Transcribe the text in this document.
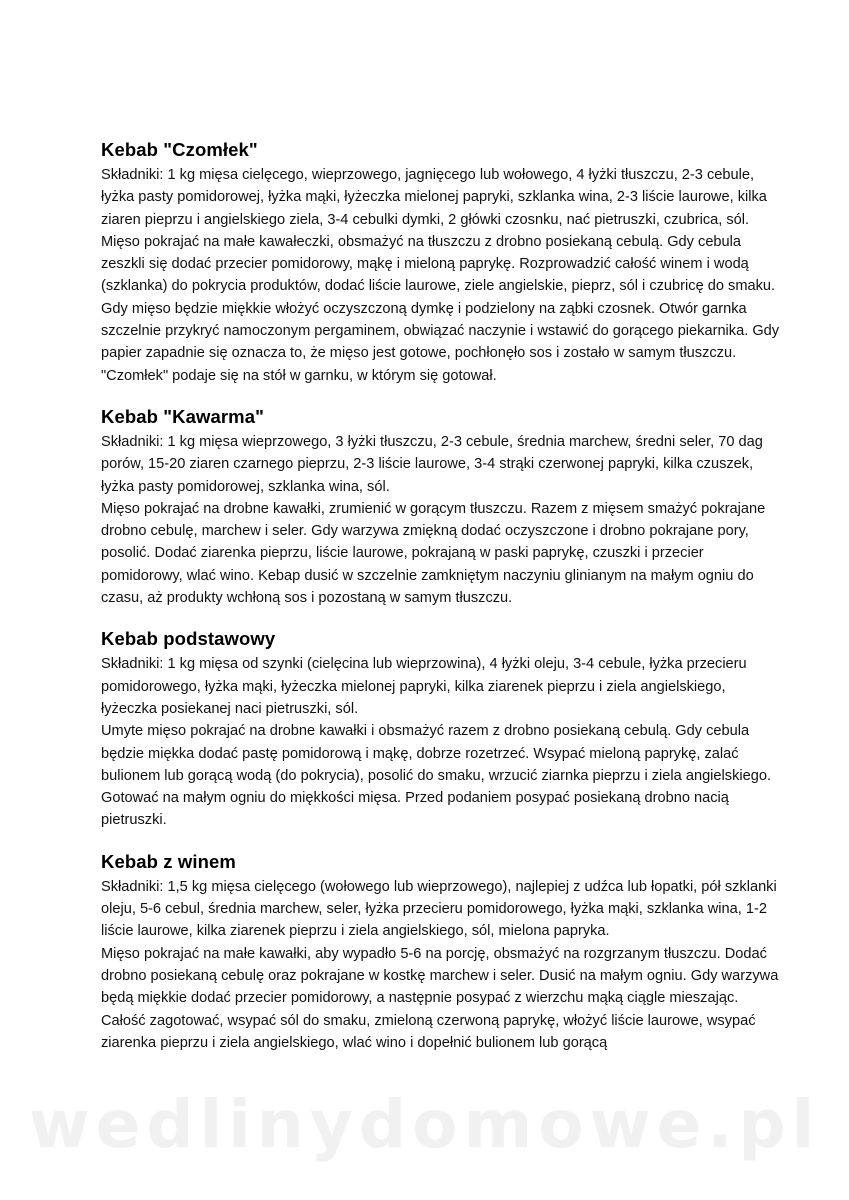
Kebab "Czomłek"

Składniki: 1 kg mięsa cielęcego, wieprzowego, jagnięcego lub wołowego, 4 łyżki tłuszczu, 2-3 cebule, łyżka pasty pomidorowej, łyżka mąki, łyżeczka mielonej papryki, szklanka wina, 2-3 liście laurowe, kilka ziaren pieprzu i angielskiego ziela, 3-4 cebulki dymki, 2 główki czosnku, nać pietruszki, czubrica, sól.

Mięso pokrajać na małe kawałeczki, obsmażyć na tłuszczu z drobno posiekaną cebulą. Gdy cebula zeszkli się dodać przecier pomidorowy, mąkę i mieloną paprykę. Rozprowadzić całość winem i wodą (szklanka) do pokrycia produktów, dodać liście laurowe, ziele angielskie, pieprz, sól i czubricę do smaku. Gdy mięso będzie miękkie włożyć oczyszczoną dymkę i podzielony na ząbki czosnek. Otwór garnka szczelnie przykryć namoczonym pergaminem, obwiązać naczynie i wstawić do gorącego piekarnika. Gdy papier zapadnie się oznacza to, że mięso jest gotowe, pochłonęło sos i zostało w samym tłuszczu. "Czomłek" podaje się na stół w garnku, w którym się gotował.

Kebab "Kawarma"

Składniki: 1 kg mięsa wieprzowego, 3 łyżki tłuszczu, 2-3 cebule, średnia marchew, średni seler, 70 dag porów, 15-20 ziaren czarnego pieprzu, 2-3 liście laurowe, 3-4 strąki czerwonej papryki, kilka czuszek, łyżka pasty pomidorowej, szklanka wina, sól.

Mięso pokrajać na drobne kawałki, zrumienić w gorącym tłuszczu. Razem z mięsem smażyć pokrajane drobno cebulę, marchew i seler. Gdy warzywa zmiękną dodać oczyszczone i drobno pokrajane pory, posolić. Dodać ziarenka pieprzu, liście laurowe, pokrajaną w paski paprykę, czuszki i przecier pomidorowy, wlać wino. Kebap dusić w szczelnie zamkniętym naczyniu glinianym na małym ogniu do czasu, aż produkty wchłoną sos i pozostaną w samym tłuszczu.

Kebab podstawowy

Składniki: 1 kg mięsa od szynki (cielęcina lub wieprzowina), 4 łyżki oleju, 3-4 cebule, łyżka przecieru pomidorowego, łyżka mąki, łyżeczka mielonej papryki, kilka ziarenek pieprzu i ziela angielskiego, łyżeczka posiekanej naci pietruszki, sól.

Umyte mięso pokrajać na drobne kawałki i obsmażyć razem z drobno posiekaną cebulą. Gdy cebula będzie miękka dodać pastę pomidorową i mąkę, dobrze rozetrzeć. Wsypać mieloną paprykę, zalać bulionem lub gorącą wodą (do pokrycia), posolić do smaku, wrzucić ziarnka pieprzu i ziela angielskiego. Gotować na małym ogniu do miękkości mięsa. Przed podaniem posypać posiekaną drobno nacią pietruszki.

Kebab z winem

Składniki: 1,5 kg mięsa cielęcego (wołowego lub wieprzowego), najlepiej z udźca lub łopatki, pół szklanki oleju, 5-6 cebul, średnia marchew, seler, łyżka przecieru pomidorowego, łyżka mąki, szklanka wina, 1-2 liście laurowe, kilka ziarenek pieprzu i ziela angielskiego, sól, mielona papryka.

Mięso pokrajać na małe kawałki, aby wypadło 5-6 na porcję, obsmażyć na rozgrzanym tłuszczu. Dodać drobno posiekaną cebulę oraz pokrajane w kostkę marchew i seler. Dusić na małym ogniu. Gdy warzywa będą miękkie dodać przecier pomidorowy, a następnie posypać z wierzchu mąką ciągle mieszając. Całość zagotować, wsypać sól do smaku, zmieloną czerwoną paprykę, włożyć liście laurowe, wsypać ziarenka pieprzu i ziela angielskiego, wlać wino i dopełnić bulionem lub gorącą

wedlinydomowe.pl
